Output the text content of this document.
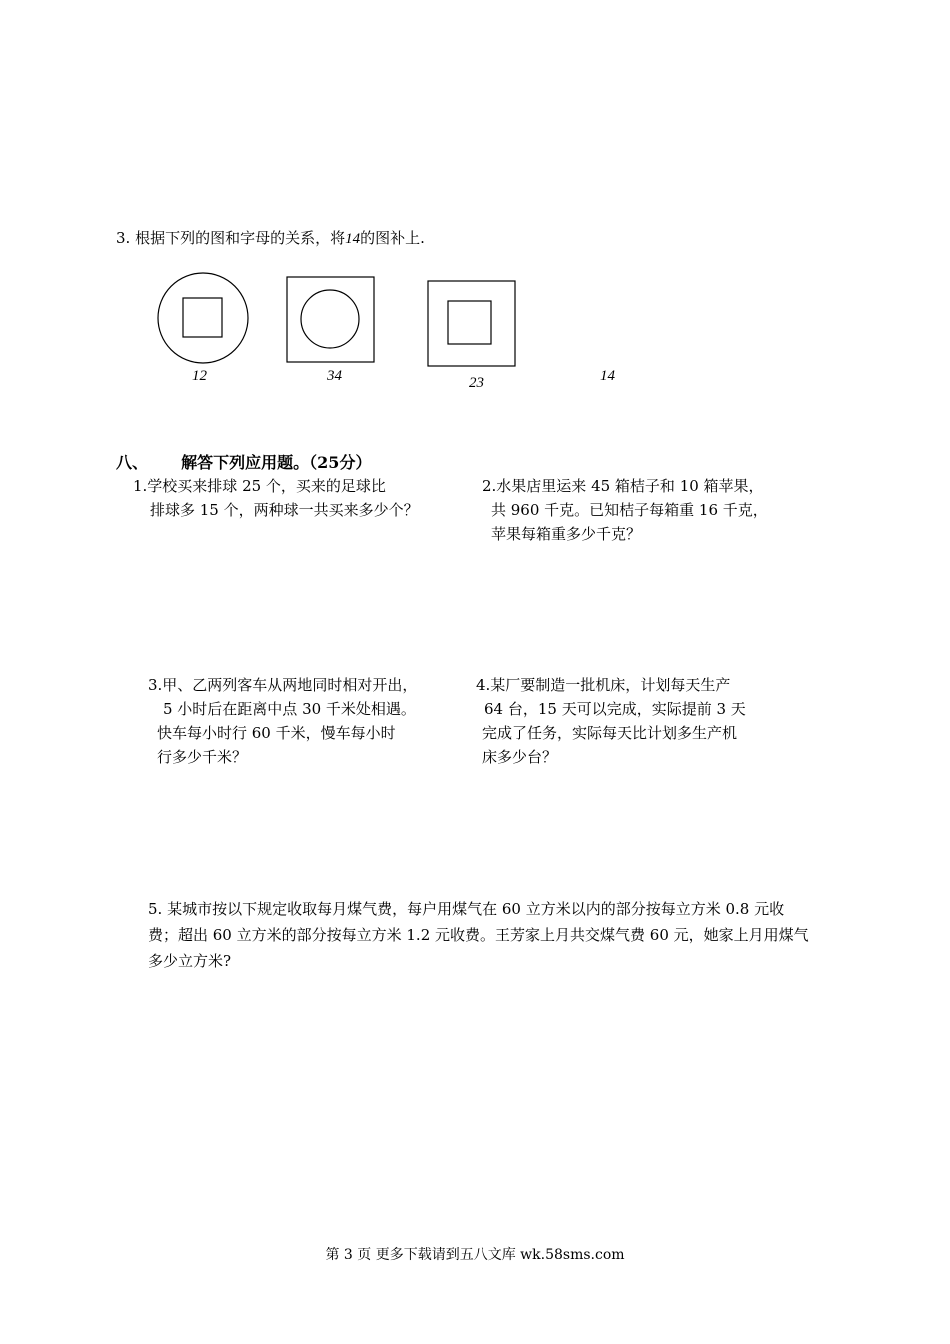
3. 根据下列的图和字母的关系，将14的图补上.
12	34	23	14
八、 解答下列应用题。（25分）
1.学校买来排球 25 个，买来的足球比
排球多 15 个，两种球一共买来多少个？
2.水果店里运来 45 箱桔子和 10 箱苹果，
共 960 千克。已知桔子每箱重 16 千克，
苹果每箱重多少千克？
3.甲、乙两列客车从两地同时相对开出，
5 小时后在距离中点 30 千米处相遇。
快车每小时行 60 千米，慢车每小时
行多少千米？
4.某厂要制造一批机床，计划每天生产
64 台，15 天可以完成，实际提前 3 天
完成了任务，实际每天比计划多生产机
床多少台？
5. 某城市按以下规定收取每月煤气费，每户用煤气在 60 立方米以内的部分按每立方米 0.8 元收费；超出 60 立方米的部分按每立方米 1.2 元收费。王芳家上月共交煤气费 60 元，她家上月用煤气多少立方米?
第 3 页 更多下载请到五八文库 wk.58sms.com
